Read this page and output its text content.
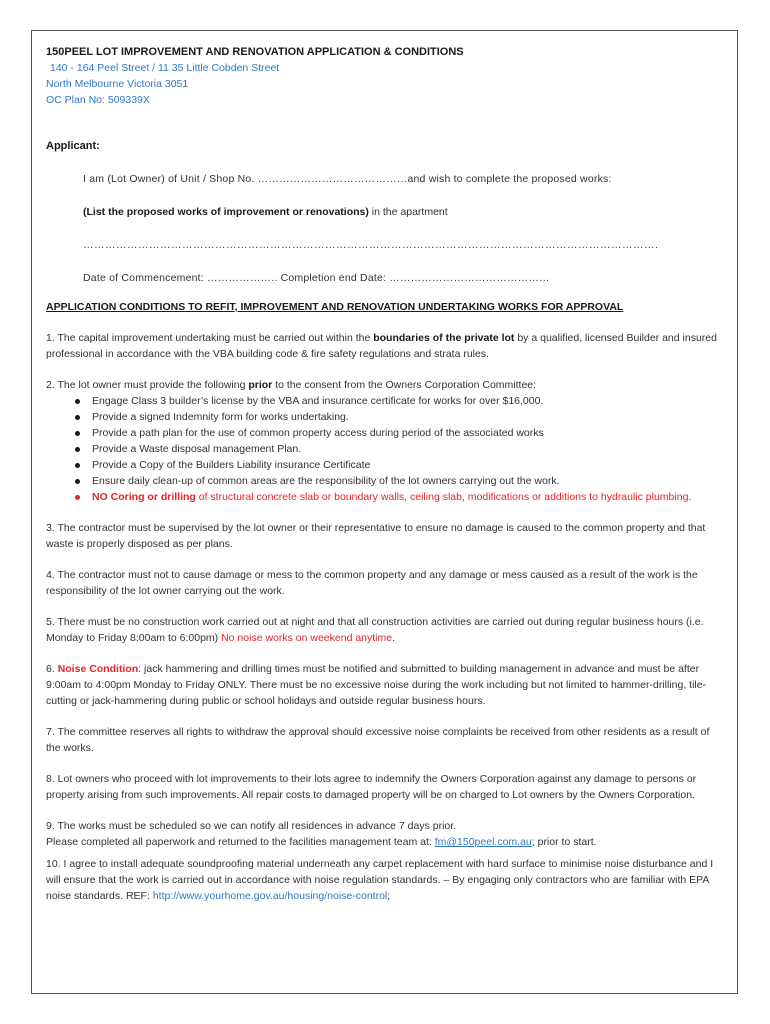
150PEEL LOT IMPROVEMENT AND RENOVATION APPLICATION & CONDITIONS
140 - 164 Peel Street / 11 35 Little Cobden Street
North Melbourne Victoria 3051
OC Plan No: 509339X
Applicant:
I am (Lot Owner) of Unit / Shop No. ……………………………………and wish to complete the proposed works:
(List the proposed works of improvement or renovations) in the apartment
………………………………………………………………………………………………………………………………………….
Date of Commencement: ……………….. Completion end Date: ………………………………………
APPLICATION CONDITIONS TO REFIT, IMPROVEMENT AND RENOVATION UNDERTAKING WORKS FOR APPROVAL
1. The capital improvement undertaking must be carried out within the boundaries of the private lot by a qualified, licensed Builder and insured professional in accordance with the VBA building code & fire safety regulations and strata rules.
2. The lot owner must provide the following prior to the consent from the Owners Corporation Committee:
Engage Class 3 builder’s license by the VBA and insurance certificate for works for over $16,000.
Provide a signed Indemnity form for works undertaking.
Provide a path plan for the use of common property access during period of the associated works
Provide a Waste disposal management Plan.
Provide a Copy of the Builders Liability insurance Certificate
Ensure daily clean-up of common areas are the responsibility of the lot owners carrying out the work.
NO Coring or drilling of structural concrete slab or boundary walls, ceiling slab, modifications or additions to hydraulic plumbing.
3. The contractor must be supervised by the lot owner or their representative to ensure no damage is caused to the common property and that waste is properly disposed as per plans.
4. The contractor must not to cause damage or mess to the common property and any damage or mess caused as a result of the work is the responsibility of the lot owner carrying out the work.
5. There must be no construction work carried out at night and that all construction activities are carried out during regular business hours (i.e. Monday to Friday 8:00am to 6:00pm) No noise works on weekend anytime.
6. Noise Condition: jack hammering and drilling times must be notified and submitted to building management in advance and must be after 9:00am to 4:00pm Monday to Friday ONLY. There must be no excessive noise during the work including but not limited to hammer-drilling, tile-cutting or jack-hammering during public or school holidays and outside regular business hours.
7. The committee reserves all rights to withdraw the approval should excessive noise complaints be received from other residents as a result of the works.
8. Lot owners who proceed with lot improvements to their lots agree to indemnify the Owners Corporation against any damage to persons or property arising from such improvements. All repair costs to damaged property will be on charged to Lot owners by the Owners Corporation.
9. The works must be scheduled so we can notify all residences in advance 7 days prior.
Please completed all paperwork and returned to the facilities management team at: fm@150peel.com.au; prior to start.
10. I agree to install adequate soundproofing material underneath any carpet replacement with hard surface to minimise noise disturbance and I will ensure that the work is carried out in accordance with noise regulation standards. – By engaging only contractors who are familiar with EPA noise standards. REF: http://www.yourhome.gov.au/housing/noise-control;
